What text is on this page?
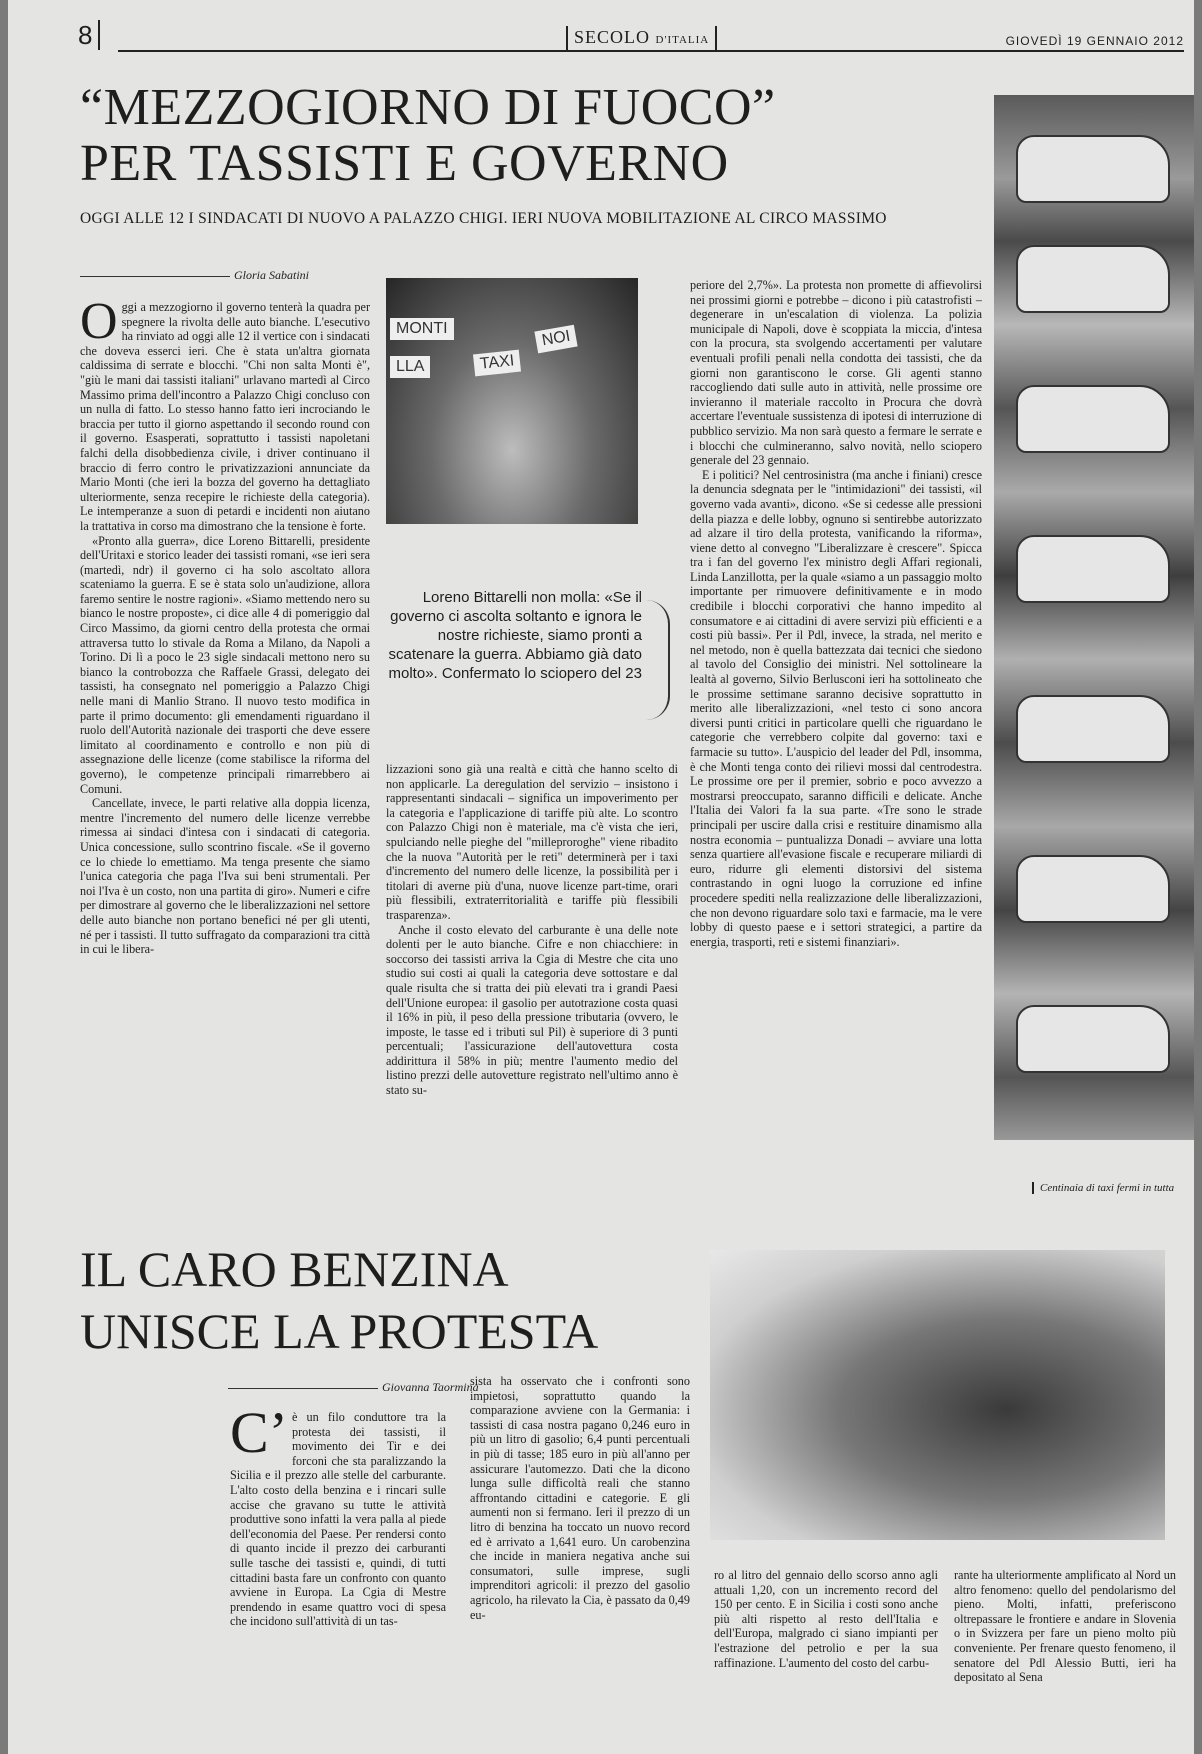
8	SECOLO D'ITALIA	GIOVEDÌ 19 GENNAIO 2012
“MEZZOGIORNO DI FUOCO”
PER TASSISTI E GOVERNO
OGGI ALLE 12 I SINDACATI DI NUOVO A PALAZZO CHIGI. IERI NUOVA MOBILITAZIONE AL CIRCO MASSIMO
Gloria Sabatini

Oggi a mezzogiorno il governo tenterà la quadra per spegnere la rivolta delle auto bianche. L'esecutivo ha rinviato ad oggi alle 12 il vertice con i sindacati che doveva esserci ieri. Che è stata un'altra giornata caldissima di serrate e blocchi. "Chi non salta Monti è", "giù le mani dai tassisti italiani" urlavano martedì al Circo Massimo prima dell'incontro a Palazzo Chigi concluso con un nulla di fatto. Lo stesso hanno fatto ieri incrociando le braccia per tutto il giorno aspettando il secondo round con il governo. Esasperati, soprattutto i tassisti napoletani falchi della disobbedienza civile, i driver continuano il braccio di ferro contro le privatizzazioni annunciate da Mario Monti (che ieri la bozza del governo ha dettagliato ulteriormente, senza recepire le richieste della categoria). Le intemperanze a suon di petardi e incidenti non aiutano la trattativa in corso ma dimostrano che la tensione è forte.

«Pronto alla guerra», dice Loreno Bittarelli, presidente dell'Uritaxi e storico leader dei tassisti romani, «se ieri sera (martedì, ndr) il governo ci ha solo ascoltato allora scateniamo la guerra. E se è stata solo un'audizione, allora faremo sentire le nostre ragioni». «Siamo mettendo nero su bianco le nostre proposte», ci dice alle 4 di pomeriggio dal Circo Massimo, da giorni centro della protesta che ormai attraversa tutto lo stivale da Roma a Milano, da Napoli a Torino. Di lì a poco le 23 sigle sindacali mettono nero su bianco la controbozza che Raffaele Grassi, delegato dei tassisti, ha consegnato nel pomeriggio a Palazzo Chigi nelle mani di Manlio Strano. Il nuovo testo modifica in parte il primo documento: gli emendamenti riguardano il ruolo dell'Autorità nazionale dei trasporti che deve essere limitato al coordinamento e controllo e non più di assegnazione delle licenze (come stabilisce la riforma del governo), le competenze principali rimarrebbero ai Comuni.

Cancellate, invece, le parti relative alla doppia licenza, mentre l'incremento del numero delle licenze verrebbe rimessa ai sindaci d'intesa con i sindacati di categoria. Unica concessione, sullo scontrino fiscale. «Se il governo ce lo chiede lo emettiamo. Ma tenga presente che siamo l'unica categoria che paga l'Iva sui beni strumentali. Per noi l'Iva è un costo, non una partita di giro». Numeri e cifre per dimostrare al governo che le liberalizzazioni nel settore delle auto bianche non portano benefici né per gli utenti, né per i tassisti. Il tutto suffragato da comparazioni tra città in cui le libera-

MONTI
LLA	TAXI
NOI
Loreno Bittarelli non molla: «Se il governo ci ascolta soltanto e ignora le nostre richieste, siamo pronti a scatenare la guerra. Abbiamo già dato molto». Confermato lo sciopero del 23

lizzazioni sono già una realtà e città che hanno scelto di non applicarle. La deregulation del servizio – insistono i rappresentanti sindacali – significa un impoverimento per la categoria e l'applicazione di tariffe più alte. Lo scontro con Palazzo Chigi non è materiale, ma c'è vista che ieri, spulciando nelle pieghe del "milleproroghe" viene ribadito che la nuova "Autorità per le reti" determinerà per i taxi d'incremento del numero delle licenze, la possibilità per i titolari di averne più d'una, nuove licenze part-time, orari più flessibili, extraterritorialità e tariffe più flessibili trasparenza».

Anche il costo elevato del carburante è una delle note dolenti per le auto bianche. Cifre e non chiacchiere: in soccorso dei tassisti arriva la Cgia di Mestre che cita uno studio sui costi ai quali la categoria deve sottostare e dal quale risulta che si tratta dei più elevati tra i grandi Paesi dell'Unione europea: il gasolio per autotrazione costa quasi il 16% in più, il peso della pressione tributaria (ovvero, le imposte, le tasse ed i tributi sul Pil) è superiore di 3 punti percentuali; l'assicurazione dell'autovettura costa addirittura il 58% in più; mentre l'aumento medio del listino prezzi delle autovetture registrato nell'ultimo anno è stato su-

periore del 2,7%». La protesta non promette di affievolirsi nei prossimi giorni e potrebbe – dicono i più catastrofisti – degenerare in un'escalation di violenza. La polizia municipale di Napoli, dove è scoppiata la miccia, d'intesa con la procura, sta svolgendo accertamenti per valutare eventuali profili penali nella condotta dei tassisti, che da giorni non garantiscono le corse. Gli agenti stanno raccogliendo dati sulle auto in attività, nelle prossime ore invieranno il materiale raccolto in Procura che dovrà accertare l'eventuale sussistenza di ipotesi di interruzione di pubblico servizio. Ma non sarà questo a fermare le serrate e i blocchi che culmineranno, salvo novità, nello sciopero generale del 23 gennaio.

E i politici? Nel centrosinistra (ma anche i finiani) cresce la denuncia sdegnata per le "intimidazioni" dei tassisti, «il governo vada avanti», dicono. «Se si cedesse alle pressioni della piazza e delle lobby, ognuno si sentirebbe autorizzato ad alzare il tiro della protesta, vanificando la riforma», viene detto al convegno "Liberalizzare è crescere". Spicca tra i fan del governo l'ex ministro degli Affari regionali, Linda Lanzillotta, per la quale «siamo a un passaggio molto importante per rimuovere definitivamente e in modo credibile i blocchi corporativi che hanno impedito al consumatore e ai cittadini di avere servizi più efficienti e a costi più bassi». Per il Pdl, invece, la strada, nel merito e nel metodo, non è quella battezzata dai tecnici che siedono al tavolo del Consiglio dei ministri. Nel sottolineare la lealtà al governo, Silvio Berlusconi ieri ha sottolineato che le prossime settimane saranno decisive soprattutto in merito alle liberalizzazioni, «nel testo ci sono ancora diversi punti critici in particolare quelli che riguardano le categorie che verrebbero colpite dal governo: taxi e farmacie su tutto». L'auspicio del leader del Pdl, insomma, è che Monti tenga conto dei rilievi mossi dal centrodestra. Le prossime ore per il premier, sobrio e poco avvezzo a mostrarsi preoccupato, saranno difficili e delicate. Anche l'Italia dei Valori fa la sua parte. «Tre sono le strade principali per uscire dalla crisi e restituire dinamismo alla nostra economia – puntualizza Donadi – avviare una lotta senza quartiere all'evasione fiscale e recuperare miliardi di euro, ridurre gli elementi distorsivi del sistema contrastando in ogni luogo la corruzione ed infine procedere spediti nella realizzazione delle liberalizzazioni, che non devono riguardare solo taxi e farmacie, ma le vere lobby di questo paese e i settori strategici, a partire da energia, trasporti, reti e sistemi finanziari».

Centinaia di taxi fermi in tutta
IL CARO BENZINA
UNISCE LA PROTESTA
Giovanna Taormina

C’ è un filo conduttore tra la protesta dei tassisti, il movimento dei Tir e dei forconi che sta paralizzando la Sicilia e il prezzo alle stelle del carburante. L'alto costo della benzina e i rincari sulle accise che gravano su tutte le attività produttive sono infatti la vera palla al piede dell'economia del Paese. Per rendersi conto di quanto incide il prezzo dei carburanti sulle tasche dei tassisti e, quindi, di tutti cittadini basta fare un confronto con quanto avviene in Europa. La Cgia di Mestre prendendo in esame quattro voci di spesa che incidono sull'attività di un tas-

sista ha osservato che i confronti sono impietosi, soprattutto quando la comparazione avviene con la Germania: i tassisti di casa nostra pagano 0,246 euro in più un litro di gasolio; 6,4 punti percentuali in più di tasse; 185 euro in più all'anno per assicurare l'automezzo. Dati che la dicono lunga sulle difficoltà reali che stanno affrontando cittadini e categorie. E gli aumenti non si fermano. Ieri il prezzo di un litro di benzina ha toccato un nuovo record ed è arrivato a 1,641 euro. Un carobenzina che incide in maniera negativa anche sui consumatori, sulle imprese, sugli imprenditori agricoli: il prezzo del gasolio agricolo, ha rilevato la Cia, è passato da 0,49 eu-

ro al litro del gennaio dello scorso anno agli attuali 1,20, con un incremento record del 150 per cento. E in Sicilia i costi sono anche più alti rispetto al resto dell'Italia e dell'Europa, malgrado ci siano impianti per l'estrazione del petrolio e per la sua raffinazione. L'aumento del costo del carbu-

rante ha ulteriormente amplificato al Nord un altro fenomeno: quello del pendolarismo del pieno. Molti, infatti, preferiscono oltrepassare le frontiere e andare in Slovenia o in Svizzera per fare un pieno molto più conveniente. Per frenare questo fenomeno, il senatore del Pdl Alessio Butti, ieri ha depositato al Sena
